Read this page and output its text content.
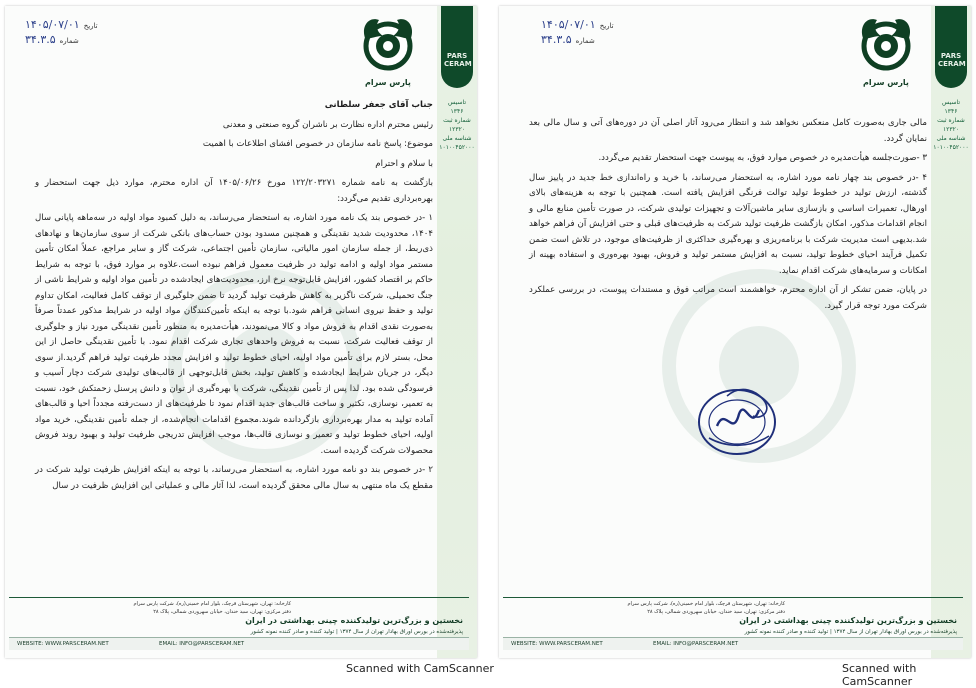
PARS CERAM
تاسیس
۱۳۴۶
شماره ثبت
۱۲۳۲۰
شناسه ملی
۱۰۱۰۰۴۵۲۰۰۰
پارس سرام
۱۴۰۵/۰۷/۰۱ تاریخ
۳۴.۳.۵ شماره

جناب آقای جعفر سلطانی

رئیس محترم اداره نظارت بر ناشران گروه صنعتی و معدنی

موضوع: پاسخ نامه سازمان در خصوص افشای اطلاعات با اهمیت

با سلام و احترام

بازگشت به نامه شماره ۱۲۲/۲۰۳۲۷۱ مورخ ۱۴۰۵/۰۶/۲۶ آن اداره محترم، موارد ذیل جهت استحضار و بهره‌برداری تقدیم می‌گردد:

۱ -در خصوص بند یک نامه مورد اشاره، به استحضار می‌رساند، به دلیل کمبود مواد اولیه در سه‌ماهه پایانی سال ۱۴۰۴، محدودیت شدید نقدینگی و همچنین مسدود بودن حساب‌های بانکی شرکت از سوی سازمان‌ها و نهادهای ذی‌ربط، از جمله سازمان امور مالیاتی، سازمان تأمین اجتماعی، شرکت گاز و سایر مراجع، عملاً امکان تأمین مستمر مواد اولیه و ادامه تولید در ظرفیت معمول فراهم نبوده است.علاوه بر موارد فوق، با توجه به شرایط حاکم بر اقتصاد کشور، افزایش قابل‌توجه نرخ ارز، محدودیت‌های ایجادشده در تأمین مواد اولیه و شرایط ناشی از جنگ تحمیلی، شرکت ناگزیر به کاهش ظرفیت تولید گردید تا ضمن جلوگیری از توقف کامل فعالیت، امکان تداوم تولید و حفظ نیروی انسانی فراهم شود.با توجه به اینکه تأمین‌کنندگان مواد اولیه در شرایط مذکور عمدتاً صرفاً به‌صورت نقدی اقدام به فروش مواد و کالا می‌نمودند، هیأت‌مدیره به منظور تأمین نقدینگی مورد نیاز و جلوگیری از توقف فعالیت شرکت، نسبت به فروش واحدهای تجاری شرکت اقدام نمود. با تأمین نقدینگی حاصل از این محل، بستر لازم برای تأمین مواد اولیه، احیای خطوط تولید و افزایش مجدد ظرفیت تولید فراهم گردید.از سوی دیگر، در جریان شرایط ایجادشده و کاهش تولید، بخش قابل‌توجهی از قالب‌های تولیدی شرکت دچار آسیب و فرسودگی شده بود. لذا پس از تأمین نقدینگی، شرکت با بهره‌گیری از توان و دانش پرسنل زحمتکش خود، نسبت به تعمیر، نوسازی، تکثیر و ساخت قالب‌های جدید اقدام نمود تا ظرفیت‌های از دست‌رفته مجدداً احیا و قالب‌های آماده تولید به مدار بهره‌برداری بازگردانده شوند.مجموع اقدامات انجام‌شده، از جمله تأمین نقدینگی، خرید مواد اولیه، احیای خطوط تولید و تعمیر و نوسازی قالب‌ها، موجب افزایش تدریجی ظرفیت تولید و بهبود روند فروش محصولات شرکت گردیده است.

۲ -در خصوص بند دو نامه مورد اشاره، به استحضار می‌رساند، با توجه به اینکه افزایش ظرفیت تولید شرکت در مقطع یک ماه منتهی به سال مالی محقق گردیده است، لذا آثار مالی و عملیاتی این افزایش ظرفیت در سال

کارخانه: تهران، شهرستان قرچک، بلوار امام خمینی(ره)، شرکت پارس سرام
دفتر مرکزی: تهران، سید خندان، خیابان سهروردی شمالی، پلاک ۲۸
نخستین و بزرگ‌ترین تولیدکننده چینی بهداشتی در ایران
پذیرفته‌شده در بورس اوراق بهادار تهران از سال ۱۳۷۴ | تولید کننده و صادر کننده نمونه کشور
WEBSITE: WWW.PARSCERAM.NET	EMAIL: INFO@PARSCERAM.NET
Scanned with CamScanner
PARS CERAM
تاسیس
۱۳۴۶
شماره ثبت
۱۲۳۲۰
شناسه ملی
۱۰۱۰۰۴۵۲۰۰۰
پارس سرام
۱۴۰۵/۰۷/۰۱ تاریخ
۳۴.۳.۵ شماره

مالی جاری به‌صورت کامل منعکس نخواهد شد و انتظار می‌رود آثار اصلی آن در دوره‌های آتی و سال مالی بعد نمایان گردد.

۳ -صورت‌جلسه هیأت‌مدیره در خصوص موارد فوق، به پیوست جهت استحضار تقدیم می‌گردد.

۴ -در خصوص بند چهار نامه مورد اشاره، به استحضار می‌رساند، با خرید و راه‌اندازی خط جدید در پاییز سال گذشته، ارزش تولید در خطوط تولید توالت فرنگی افزایش یافته است. همچنین با توجه به هزینه‌های بالای اورهال، تعمیرات اساسی و بازسازی سایر ماشین‌آلات و تجهیزات تولیدی شرکت، در صورت تأمین منابع مالی و انجام اقدامات مذکور، امکان بازگشت ظرفیت تولید شرکت به ظرفیت‌های قبلی و حتی افزایش آن فراهم خواهد شد.بدیهی است مدیریت شرکت با برنامه‌ریزی و بهره‌گیری حداکثری از ظرفیت‌های موجود، در تلاش است ضمن تکمیل فرآیند احیای خطوط تولید، نسبت به افزایش مستمر تولید و فروش، بهبود بهره‌وری و استفاده بهینه از امکانات و سرمایه‌های شرکت اقدام نماید.

در پایان، ضمن تشکر از آن اداره محترم، خواهشمند است مراتب فوق و مستندات پیوست، در بررسی عملکرد شرکت مورد توجه قرار گیرد.

کارخانه: تهران، شهرستان قرچک، بلوار امام خمینی(ره)، شرکت پارس سرام
دفتر مرکزی: تهران، سید خندان، خیابان سهروردی شمالی، پلاک ۲۸
نخستین و بزرگ‌ترین تولیدکننده چینی بهداشتی در ایران
پذیرفته‌شده در بورس اوراق بهادار تهران از سال ۱۳۷۴ | تولید کننده و صادر کننده نمونه کشور
WEBSITE: WWW.PARSCERAM.NET	EMAIL: INFO@PARSCERAM.NET
Scanned with CamScanner
